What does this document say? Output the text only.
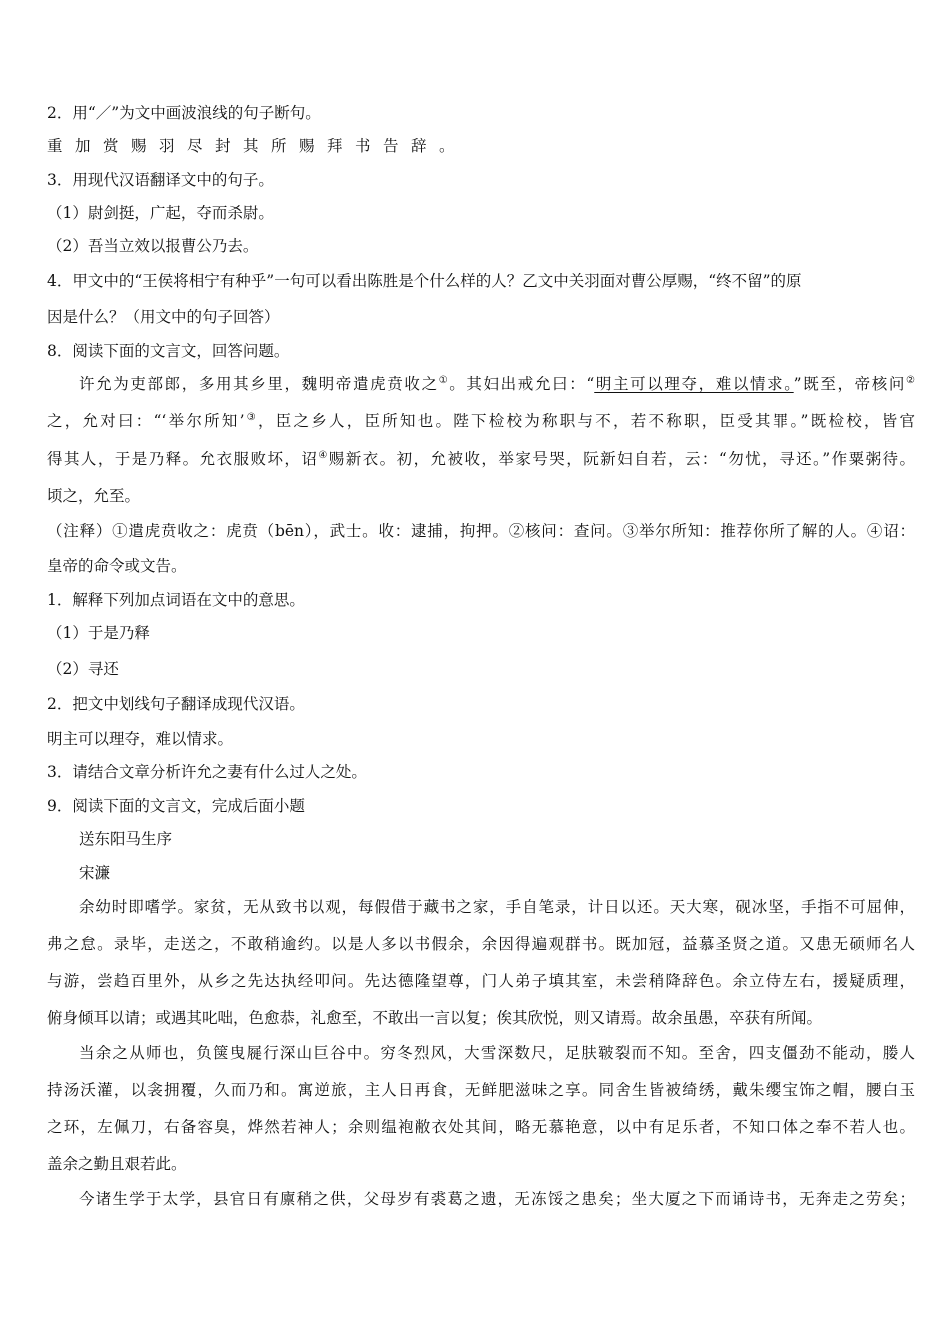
2．用“／”为文中画波浪线的句子断句。
重加赏赐羽尽封其所赐拜书告辞。
3．用现代汉语翻译文中的句子。
（1）尉剑挺，广起，夺而杀尉。
（2）吾当立效以报曹公乃去。
4．甲文中的“王侯将相宁有种乎”一句可以看出陈胜是个什么样的人？乙文中关羽面对曹公厚赐，“终不留”的原
因是什么？（用文中的句子回答）
8．阅读下面的文言文，回答问题。
许允为吏部郎，多用其乡里，魏明帝遣虎贲收之①。其妇出戒允曰：“明主可以理夺，难以情求。”既至，帝核问②
之，允对曰：“‘举尔所知’③，臣之乡人，臣所知也。陛下检校为称职与不，若不称职，臣受其罪。”既检校，皆官
得其人，于是乃释。允衣服败坏，诏④赐新衣。初，允被收，举家号哭，阮新妇自若，云：“勿忧，寻还。”作粟粥待。
顷之，允至。
（注释）①遣虎贲收之：虎贲（bēn），武士。收：逮捕，拘押。②核问：查问。③举尔所知：推荐你所了解的人。④诏：
皇帝的命令或文告。
1．解释下列加点词语在文中的意思。
（1）于是乃释
（2）寻还
2．把文中划线句子翻译成现代汉语。
明主可以理夺，难以情求。
3．请结合文章分析许允之妻有什么过人之处。
9．阅读下面的文言文，完成后面小题
送东阳马生序
宋濂
余幼时即嗜学。家贫，无从致书以观，每假借于藏书之家，手自笔录，计日以还。天大寒，砚冰坚，手指不可屈伸，
弗之怠。录毕，走送之，不敢稍逾约。以是人多以书假余，余因得遍观群书。既加冠，益慕圣贤之道。又患无硕师名人
与游，尝趋百里外，从乡之先达执经叩问。先达德隆望尊，门人弟子填其室，未尝稍降辞色。余立侍左右，援疑质理，
俯身倾耳以请；或遇其叱咄，色愈恭，礼愈至，不敢出一言以复；俟其欣悦，则又请焉。故余虽愚，卒获有所闻。
当余之从师也，负箧曳屣行深山巨谷中。穷冬烈风，大雪深数尺，足肤皲裂而不知。至舍，四支僵劲不能动，媵人
持汤沃灌，以衾拥覆，久而乃和。寓逆旅，主人日再食，无鲜肥滋味之享。同舍生皆被绮绣，戴朱缨宝饰之帽，腰白玉
之环，左佩刀，右备容臭，烨然若神人；余则缊袍敝衣处其间，略无慕艳意，以中有足乐者，不知口体之奉不若人也。
盖余之勤且艰若此。
今诸生学于太学，县官日有廪稍之供，父母岁有裘葛之遗，无冻馁之患矣；坐大厦之下而诵诗书，无奔走之劳矣；
